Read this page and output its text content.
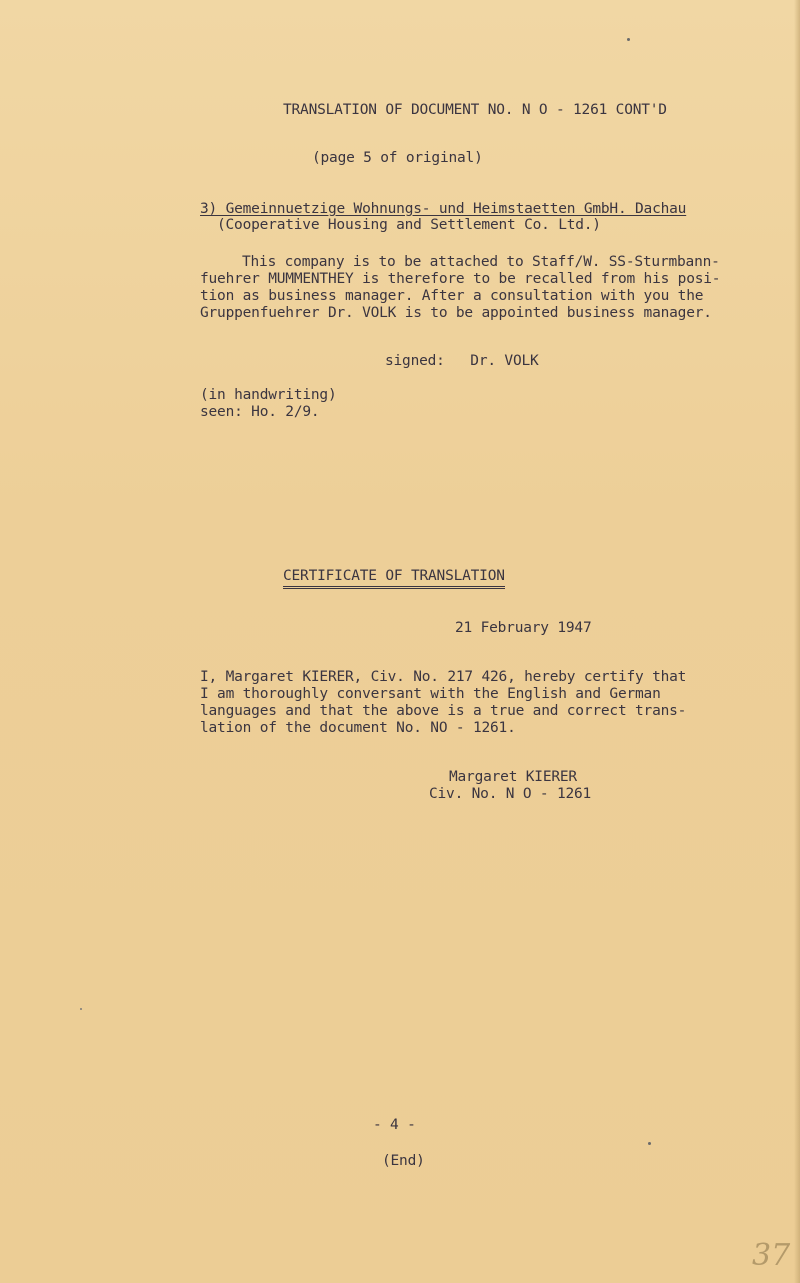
TRANSLATION OF DOCUMENT NO. N O - 1261 CONT'D
(page 5 of original)
3) Gemeinnuetzige Wohnungs- und Heimstaetten GmbH. Dachau
(Cooperative Housing and Settlement Co. Ltd.)
This company is to be attached to Staff/W. SS-Sturmbann-
fuehrer MUMMENTHEY is therefore to be recalled from his posi-
tion as business manager. After a consultation with you the
Gruppenfuehrer Dr. VOLK is to be appointed business manager.
signed:   Dr. VOLK
(in handwriting)
seen: Ho. 2/9.
CERTIFICATE OF TRANSLATION
21 February 1947
I, Margaret KIERER, Civ. No. 217 426, hereby certify that
I am thoroughly conversant with the English and German
languages and that the above is a true and correct trans-
lation of the document No. NO - 1261.
Margaret KIERER
Civ. No. N O - 1261
- 4 -
(End)
37
